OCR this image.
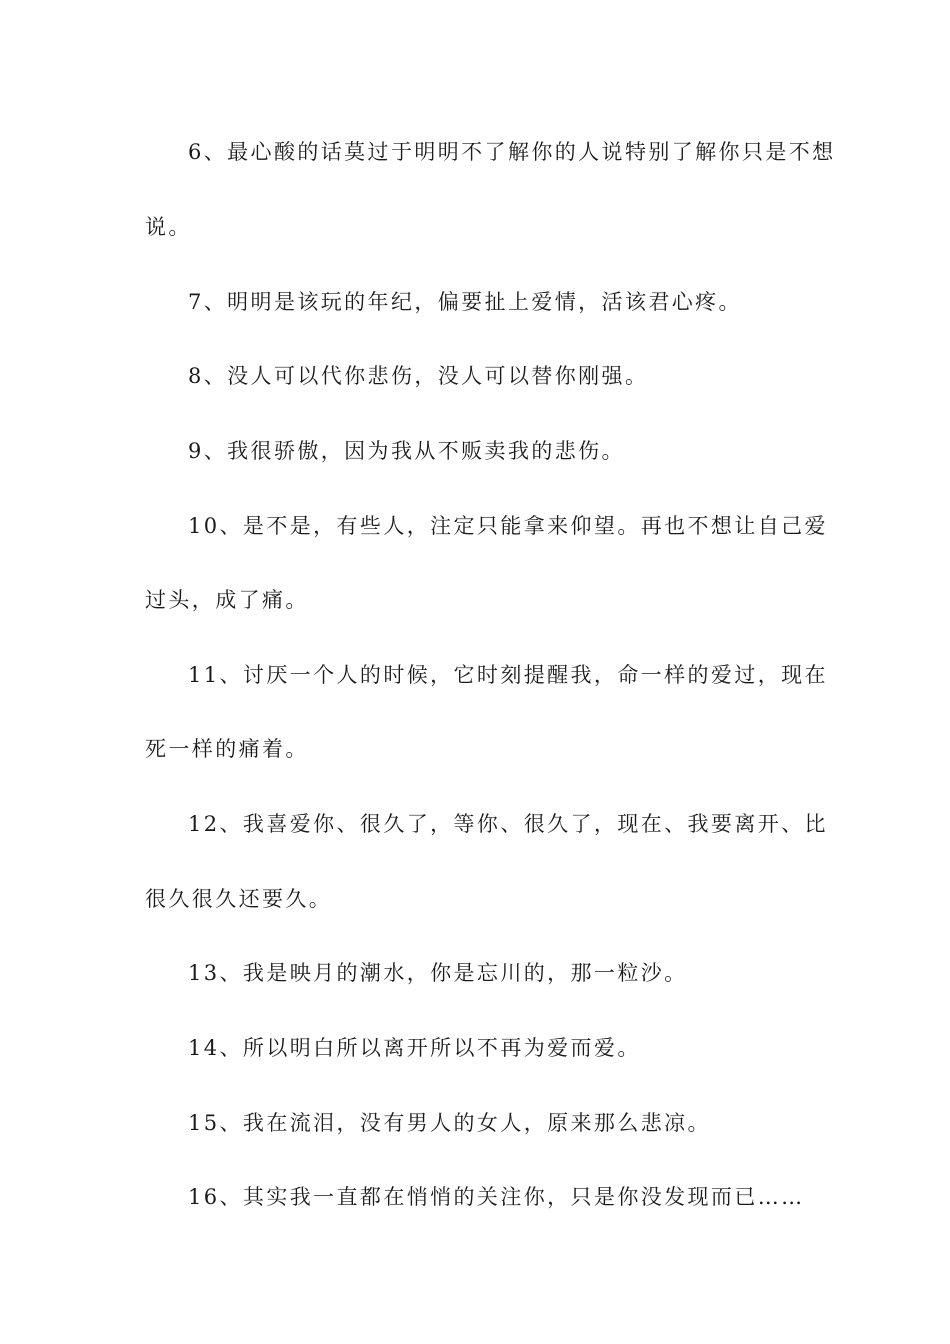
6、最心酸的话莫过于明明不了解你的人说特别了解你只是不想
说。
7、明明是该玩的年纪，偏要扯上爱情，活该君心疼。
8、没人可以代你悲伤，没人可以替你刚强。
9、我很骄傲，因为我从不贩卖我的悲伤。
10、是不是，有些人，注定只能拿来仰望。再也不想让自己爱
过头，成了痛。
11、讨厌一个人的时候，它时刻提醒我，命一样的爱过，现在
死一样的痛着。
12、我喜爱你、很久了，等你、很久了，现在、我要离开、比
很久很久还要久。
13、我是映月的潮水，你是忘川的，那一粒沙。
14、所以明白所以离开所以不再为爱而爱。
15、我在流泪，没有男人的女人，原来那么悲凉。
16、其实我一直都在悄悄的关注你，只是你没发现而已……
